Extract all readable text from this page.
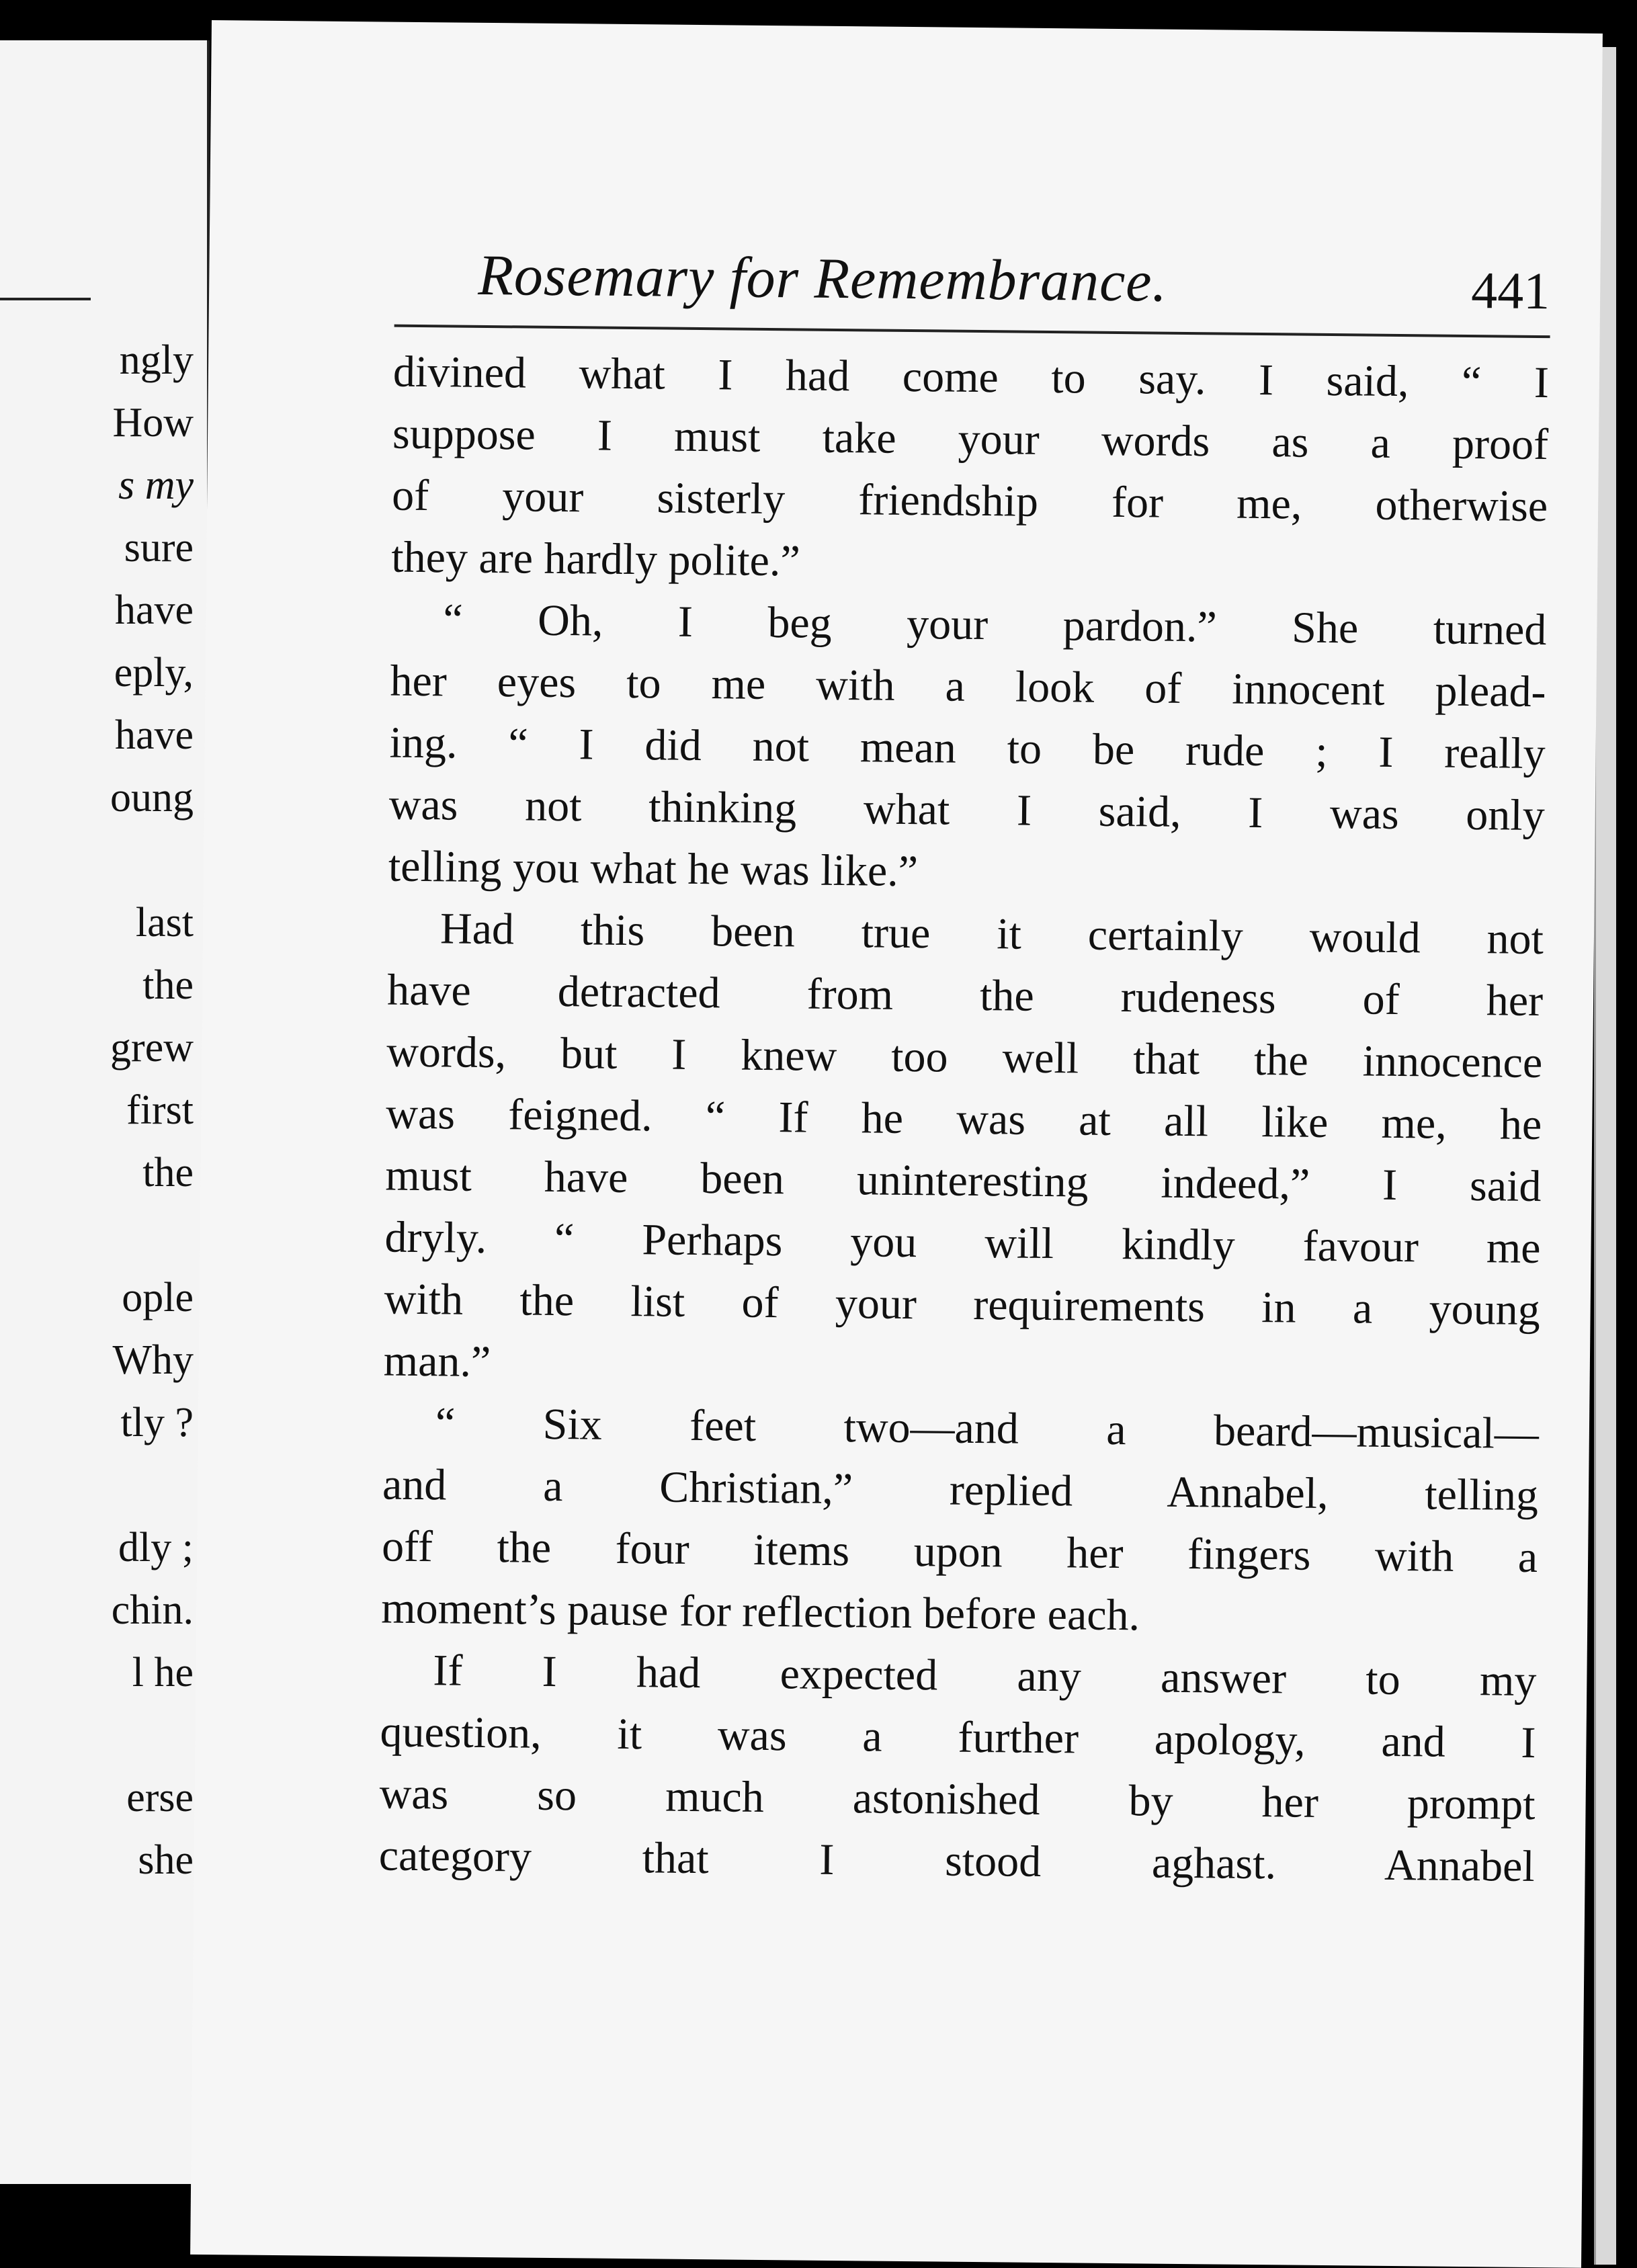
ngly
How
s my
sure
have
eply,
have
oung
last
the
grew
first
the
ople
Why
tly ?
dly ;
chin.
l he
erse
she
Rosemary for Remembrance.	441
divined what I had come to say. I said, “ I
suppose I must take your words as a proof
of your sisterly friendship for me, otherwise
they are hardly polite.”
“ Oh, I beg your pardon.” She turned
her eyes to me with a look of innocent plead-
ing. “ I did not mean to be rude ; I really
was not thinking what I said, I was only
telling you what he was like.”
Had this been true it certainly would not
have detracted from the rudeness of her
words, but I knew too well that the innocence
was feigned. “ If he was at all like me, he
must have been uninteresting indeed,” I said
dryly. “ Perhaps you will kindly favour me
with the list of your requirements in a young
man.”
“ Six feet two—and a beard—musical—
and a Christian,” replied Annabel, telling
off the four items upon her fingers with a
moment’s pause for reflection before each.
If I had expected any answer to my
question, it was a further apology, and I
was so much astonished by her prompt
category that I stood aghast. Annabel
